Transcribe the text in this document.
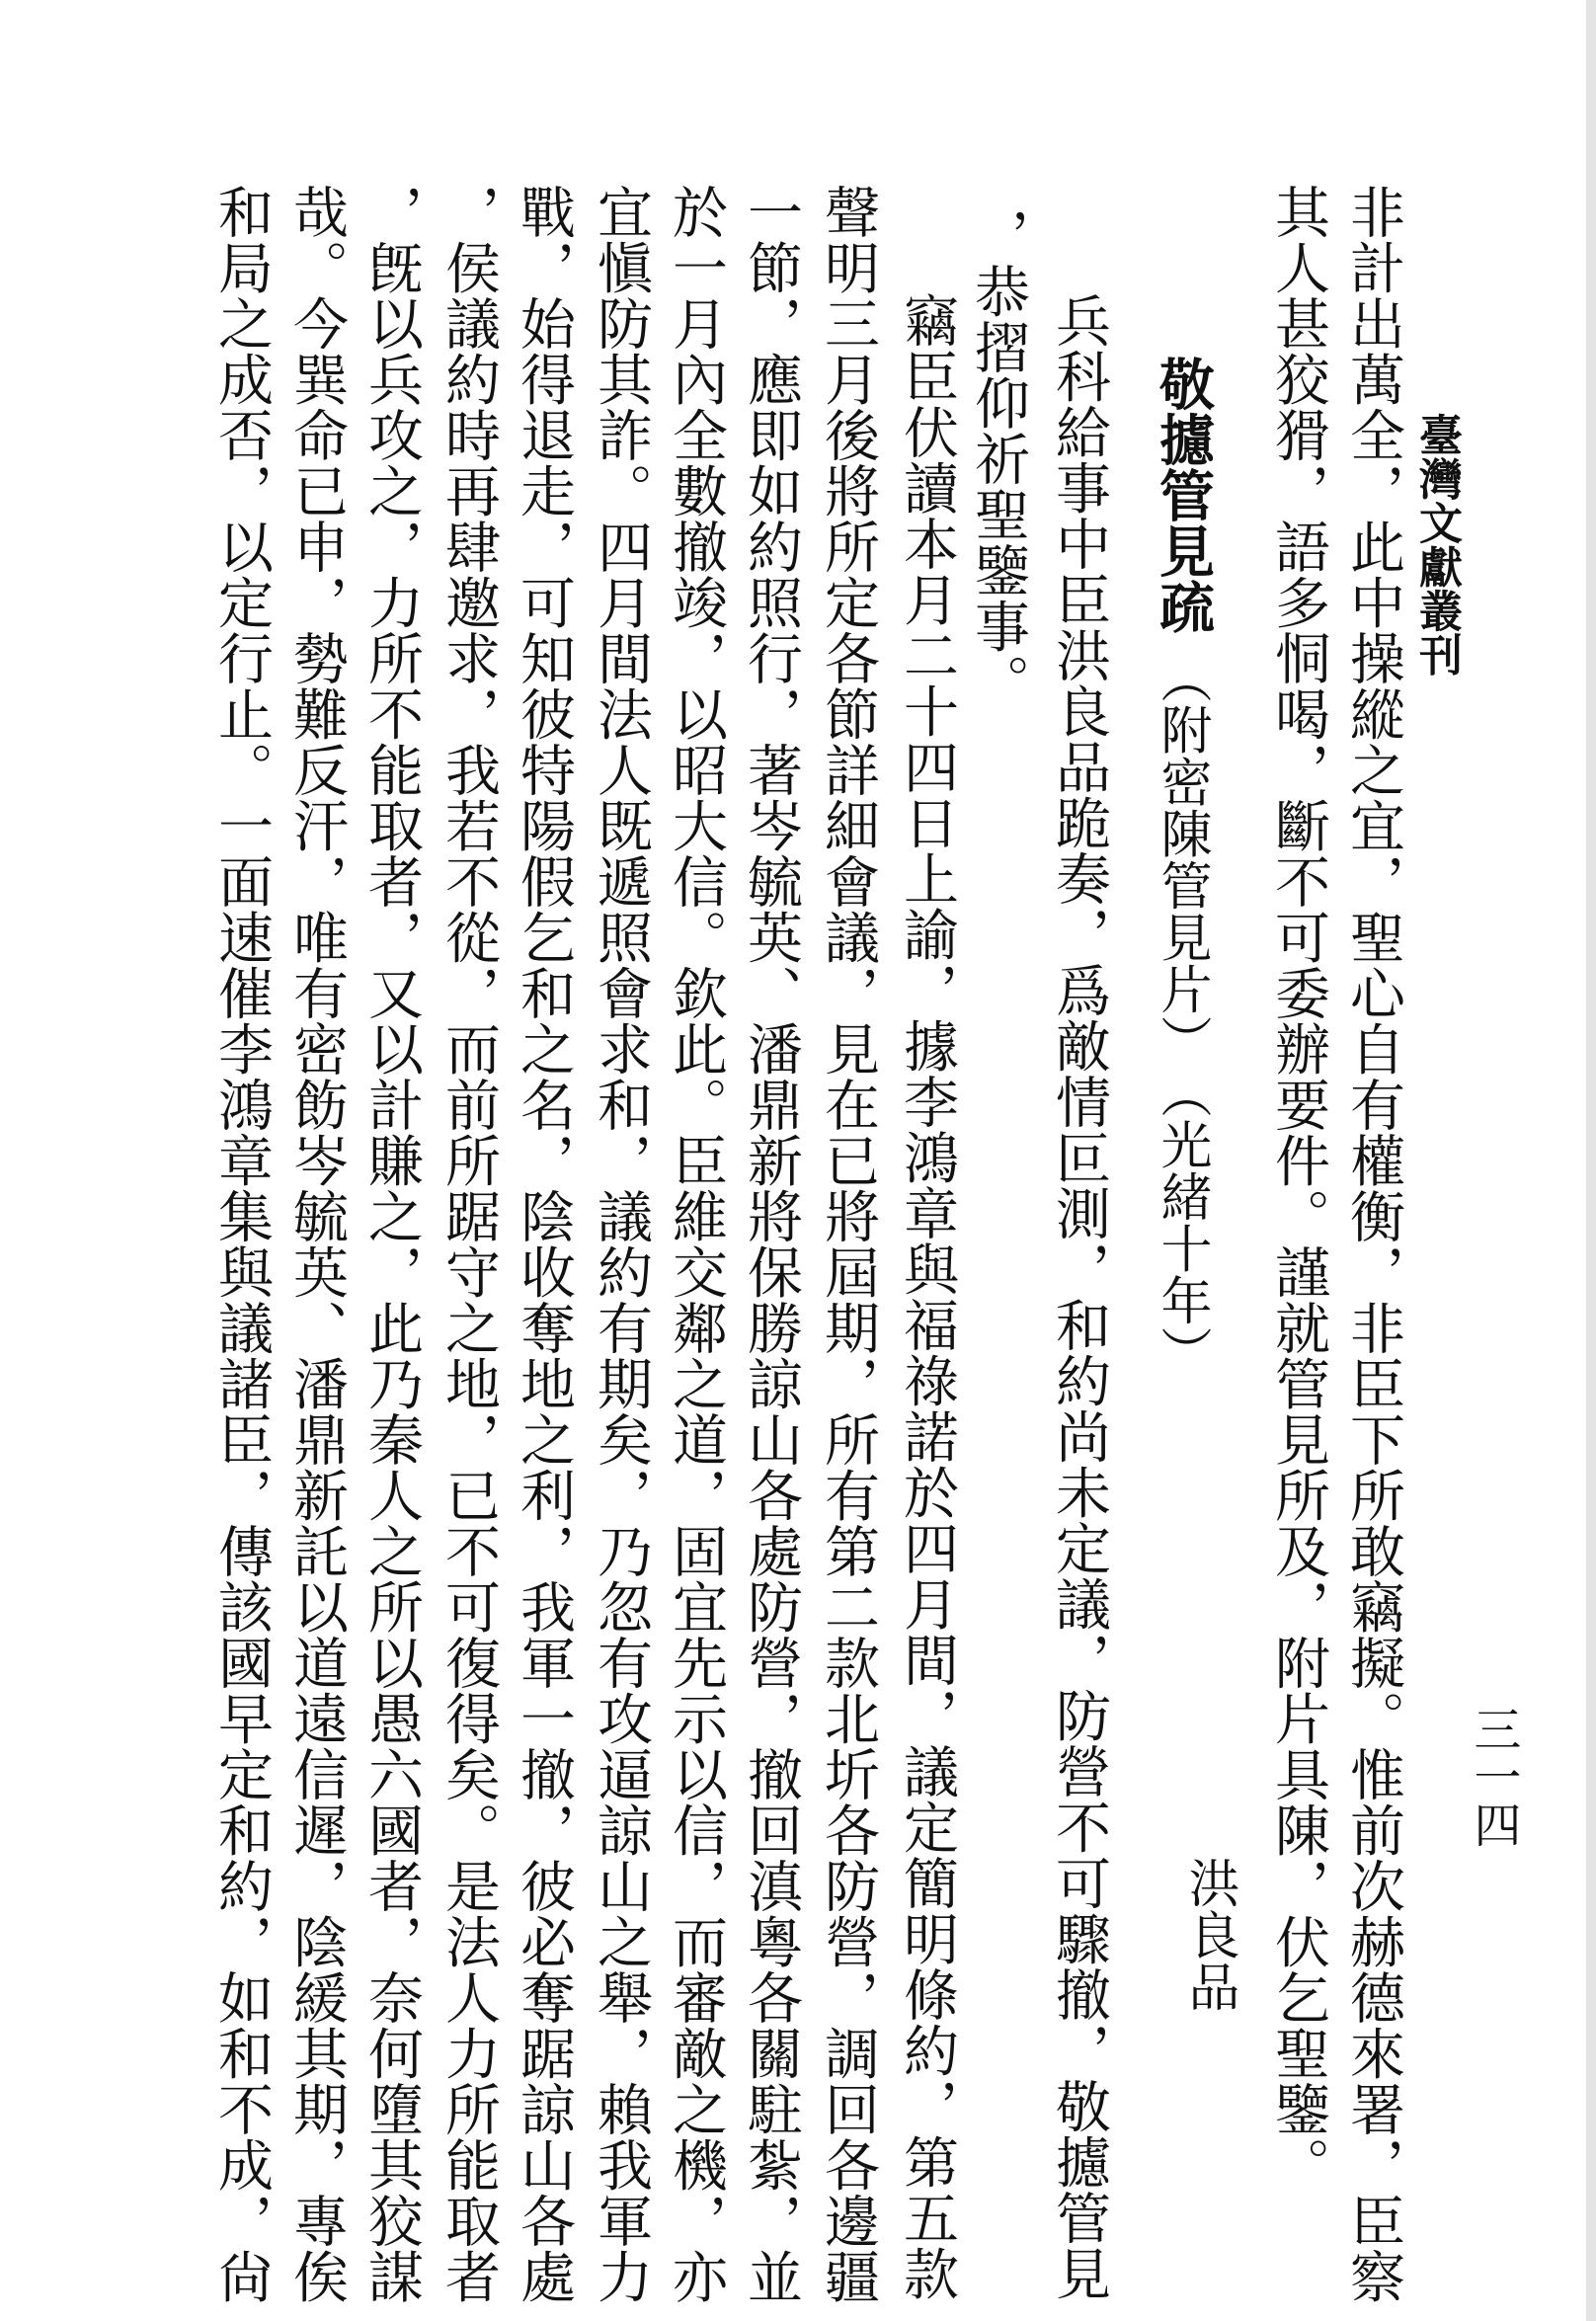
臺灣文獻叢刊
三一四
非計出萬全，此中操縱之宜，聖心自有權衡，非臣下所敢竊擬。惟前次赫德來署，臣察
其人甚狡猾，語多恫喝，斷不可委辦要件。謹就管見所及，附片具陳，伏乞聖鑒。
敬攄管見疏
（附密陳管見片）
（光緒十年）
洪良品
兵科給事中臣洪良品跪奏，爲敵情叵測，和約尚未定議，防營不可驟撤，敬攄管見
，恭摺仰祈聖鑒事。
竊臣伏讀本月二十四日上諭，據李鴻章與福祿諾於四月間，議定簡明條約，第五款
聲明三月後將所定各節詳細會議，見在已將屆期，所有第二款北圻各防營，調回各邊疆
一節，應即如約照行，著岑毓英、潘鼎新將保勝諒山各處防營，撤回滇粵各關駐紮，並
於一月內全數撤竣，以昭大信。欽此。臣維交鄰之道，固宜先示以信，而審敵之機，亦
宜愼防其詐。四月間法人既遞照會求和，議約有期矣，乃忽有攻逼諒山之舉，賴我軍力
戰，始得退走，可知彼特陽假乞和之名，陰收奪地之利，我軍一撤，彼必奪踞諒山各處
，侯議約時再肆邀求，我若不從，而前所踞守之地，已不可復得矣。是法人力所能取者
，旣以兵攻之，力所不能取者，又以計賺之，此乃秦人之所以愚六國者，奈何墮其狡謀
哉。今巽命已申，勢難反汗，唯有密飭岑毓英、潘鼎新託以道遠信遲，陰緩其期，專俟
和局之成否，以定行止。一面速催李鴻章集與議諸臣，傳該國早定和約，如和不成，尙
